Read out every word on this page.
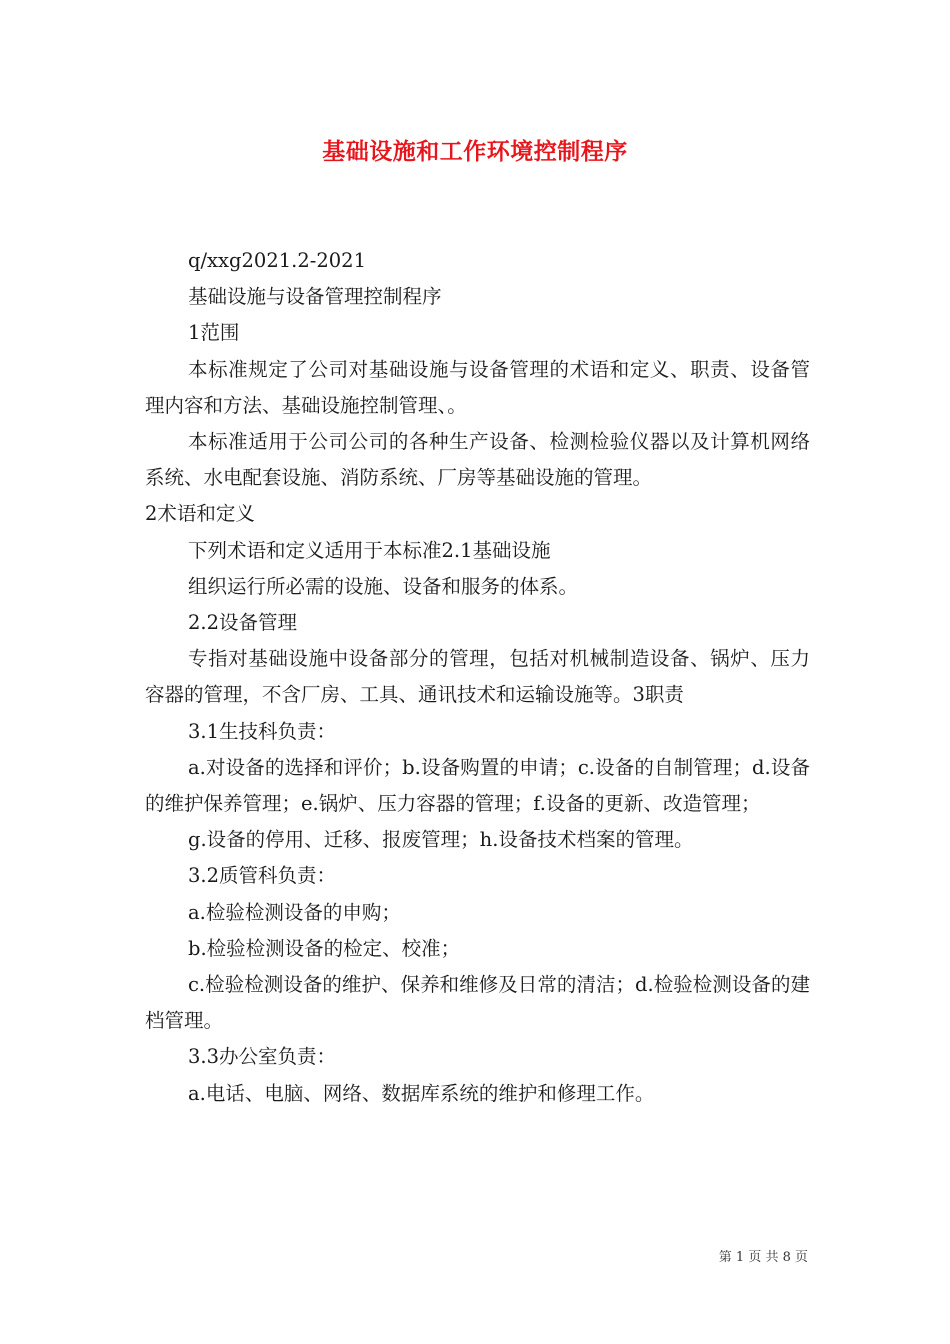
基础设施和工作环境控制程序

q/xxg2021.2-2021

基础设施与设备管理控制程序

1范围

本标准规定了公司对基础设施与设备管理的术语和定义、职责、设备管理内容和方法、基础设施控制管理、。

本标准适用于公司公司的各种生产设备、检测检验仪器以及计算机网络系统、水电配套设施、消防系统、厂房等基础设施的管理。

2术语和定义

下列术语和定义适用于本标准2.1基础设施

组织运行所必需的设施、设备和服务的体系。

2.2设备管理

专指对基础设施中设备部分的管理，包括对机械制造设备、锅炉、压力容器的管理，不含厂房、工具、通讯技术和运输设施等。3职责

3.1生技科负责：

a.对设备的选择和评价；b.设备购置的申请；c.设备的自制管理；d.设备的维护保养管理；e.锅炉、压力容器的管理；f.设备的更新、改造管理；

g.设备的停用、迁移、报废管理；h.设备技术档案的管理。

3.2质管科负责：

a.检验检测设备的申购；

b.检验检测设备的检定、校准；

c.检验检测设备的维护、保养和维修及日常的清洁；d.检验检测设备的建档管理。

3.3办公室负责：

a.电话、电脑、网络、数据库系统的维护和修理工作。

第 1 页 共 8 页
